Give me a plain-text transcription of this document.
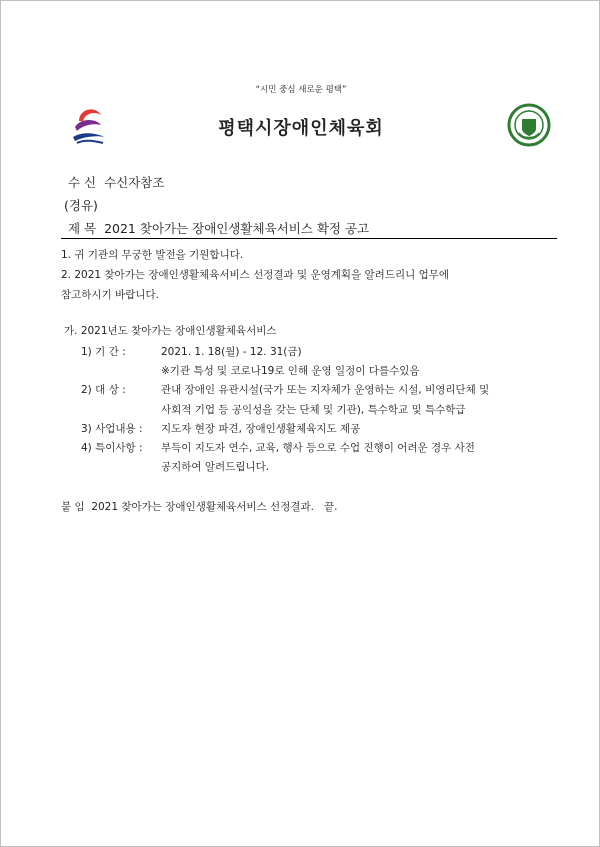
“시민 중심 새로운 평택”
평택시장애인체육회
수 신 수신자참조
(경유)
제 목 2021 찾아가는 장애인생활체육서비스 확정 공고
1. 귀 기관의 무궁한 발전을 기원합니다.
2. 2021 찾아가는 장애인생활체육서비스 선정결과 및 운영계획을 알려드리니 업무에
참고하시기 바랍니다.
가. 2021년도 찾아가는 장애인생활체육서비스
1) 기 간 :	2021. 1. 18(월) - 12. 31(금)
※기관 특성 및 코로나19로 인해 운영 일정이 다를수있음
2) 대 상 :	관내 장애인 유관시설(국가 또는 지자체가 운영하는 시설, 비영리단체 및
사회적 기업 등 공익성을 갖는 단체 및 기관), 특수학교 및 특수학급
3) 사업내용 : 지도자 현장 파견, 장애인생활체육지도 제공
4) 특이사항 : 부득이 지도자 연수, 교육, 행사 등으로 수업 진행이 어려운 경우 사전
공지하여 알려드립니다.
붙 임 2021 찾아가는 장애인생활체육서비스 선정결과. 끝.
